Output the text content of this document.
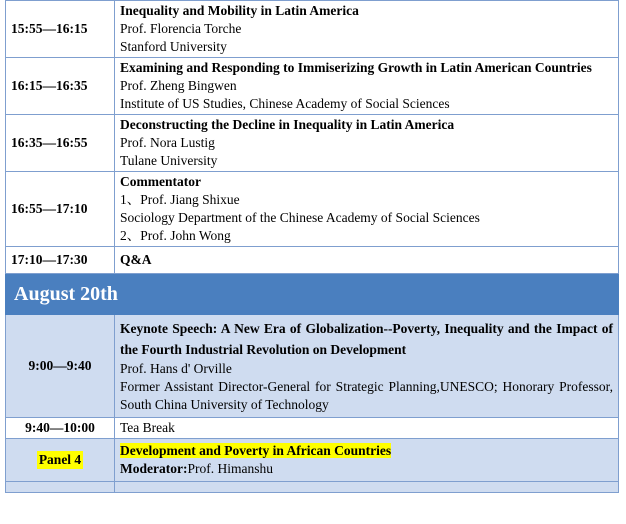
15:55—16:15	Inequality and Mobility in Latin America
Prof. Florencia Torche
Stanford University

16:15—16:35	Examining and Responding to Immiserizing Growth in Latin American Countries
Prof. Zheng Bingwen
Institute of US Studies, Chinese Academy of Social Sciences

16:35—16:55	Deconstructing the Decline in Inequality in Latin America
Prof. Nora Lustig
Tulane University

16:55—17:10	Commentator
1、Prof. Jiang Shixue
Sociology Department of the Chinese Academy of Social Sciences
2、Prof. John Wong

17:10—17:30	Q&A

August 20th	
9:00—9:40	Keynote Speech: A New Era of Globalization--Poverty, Inequality and the Impact of the Fourth Industrial Revolution on Development
Prof. Hans d' Orville
Former Assistant Director-General for Strategic Planning,UNESCO; Honorary Professor, South China University of Technology

9:40—10:00	Tea Break
Panel 4	Development and Poverty in African Countries
Moderator:Prof. Himanshu
